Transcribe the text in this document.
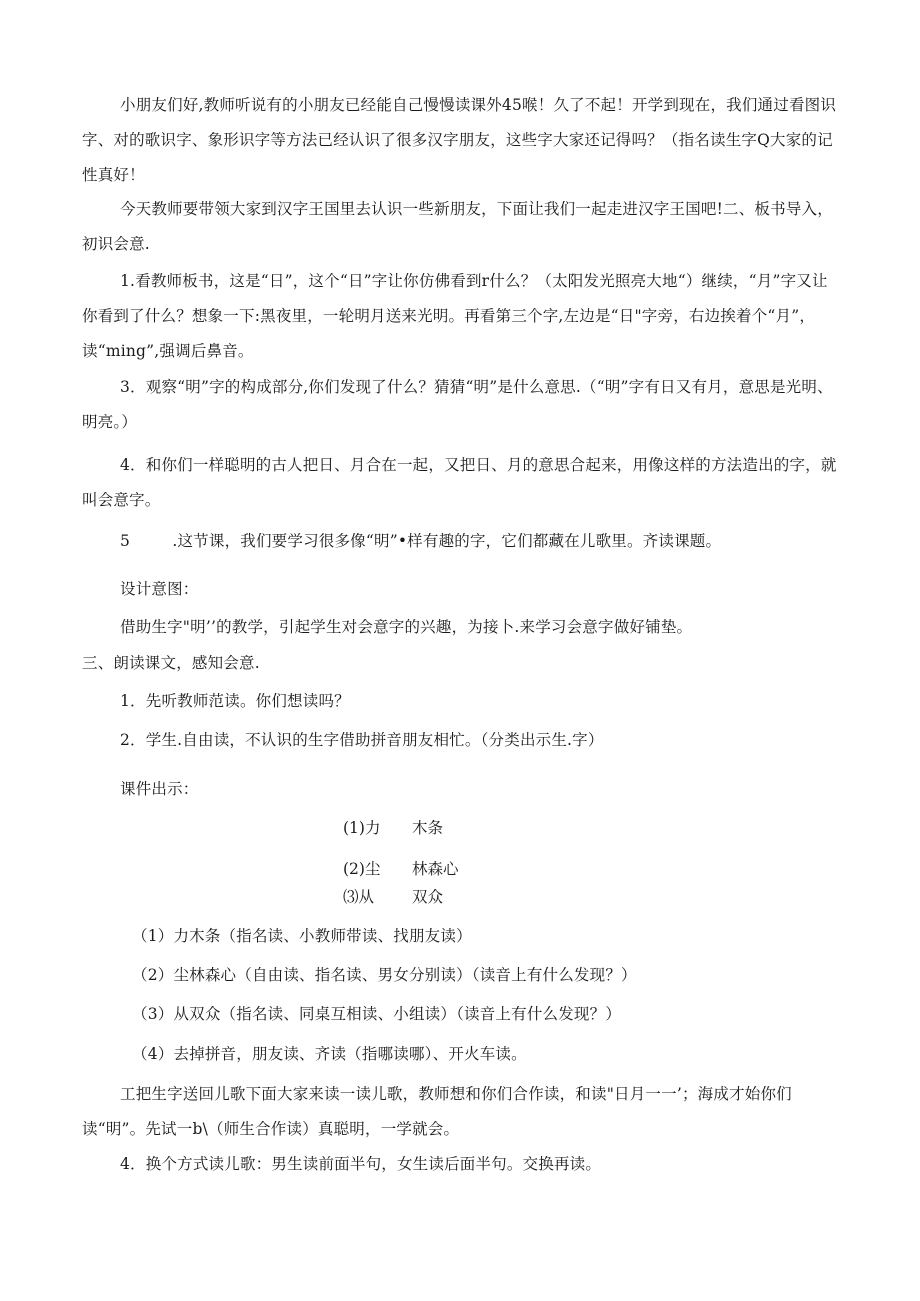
小朋友们好,教师听说有的小朋友已经能自己慢慢读课外45喉！久了不起！开学到现在，我们通过看图识字、对的歌识字、象形识字等方法已经认识了很多汉字朋友，这些字大家还记得吗？（指名读生字Q大家的记性真好！

今天教师要带领大家到汉字王国里去认识一些新朋友，下面让我们一起走进汉字王国吧!二、板书导入，初识会意.

1.看教师板书，这是“日”，这个“日”字让你仿佛看到r什么？（太阳发光照亮大地“）继续，“月”字又让你看到了什么？想象一下:黑夜里，一轮明月送来光明。再看第三个字,左边是“日"字旁，右边挨着个“月”，读“ming”,强调后鼻音。

3．观察“明”字的构成部分,你们发现了什么？猜猜“明”是什么意思.（“明”字有日又有月，意思是光明、明亮。）

4．和你们一样聪明的古人把日、月合在一起，又把日、月的意思合起来，用像这样的方法造出的字，就叫会意字。

5	.这节课，我们要学习很多像“明”•样有趣的字，它们都藏在儿歌里。齐读课题。
设计意图：
借助生字"明’’的教学，引起学生对会意字的兴趣，为接卜.来学习会意字做好铺垫。
三、朗读课文，感知会意.
1．先听教师范读。你们想读吗？
2．学生.自由读，不认识的生字借助拼音朋友相忙。（分类出示生.字）
课件出示：
(1)力 木条
(2)尘 林森心
⑶从 双众
（1）力木条（指名读、小教师带读、找朋友读）
（2）尘林森心（自由读、指名读、男女分别读）（读音上有什么发现？）
（3）从双众（指名读、同桌互相读、小组读）（读音上有什么发现？）
（4）去掉拼音，朋友读、齐读（指哪读哪）、开火车读。

工把生字送回儿歌下面大家来读一读儿歌，教师想和你们合作读，和读"日月一一’；海成才始你们读“明”。先试一b\（师生合作读）真聪明，一学就会。

4．换个方式读儿歌：男生读前面半句，女生读后面半句。交换再读。
